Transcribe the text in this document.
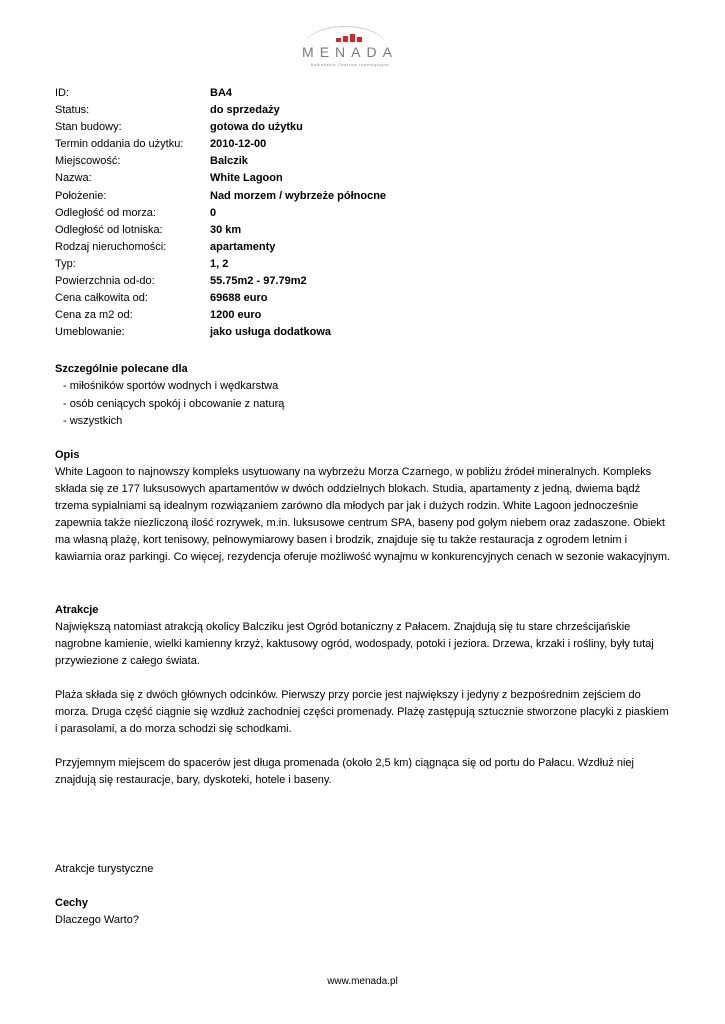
MENADA
Bałkańskie Centrum Inwestycyjne
ID:	BA4
Status:	do sprzedaży
Stan budowy:	gotowa do użytku
Termin oddania do użytku:	2010-12-00
Miejscowość:	Balczik
Nazwa:	White Lagoon
Położenie:	Nad morzem / wybrzeże północne
Odległość od morza:	0
Odległość od lotniska:	30 km
Rodzaj nieruchomości:	apartamenty
Typ:	1, 2
Powierzchnia od-do:	55.75m2 - 97.79m2
Cena całkowita od:	69688 euro
Cena za m2 od:	1200 euro
Umeblowanie:	jako usługa dodatkowa
Szczególnie polecane dla
- miłośników sportów wodnych i wędkarstwa
- osób ceniących spokój i obcowanie z naturą
- wszystkich
Opis

White Lagoon to najnowszy kompleks usytuowany na wybrzeżu Morza Czarnego, w pobliżu źródeł mineralnych. Kompleks
składa się ze 177 luksusowych apartamentów w dwóch oddzielnych blokach. Studia, apartamenty z jedną, dwiema bądź
trzema sypialniami są idealnym rozwiązaniem zarówno dla młodych par jak i dużych rodzin. White Lagoon jednocześnie
zapewnia także niezliczoną ilość rozrywek, m.in. luksusowe centrum SPA, baseny pod gołym niebem oraz zadaszone. Obiekt
ma własną plażę, kort tenisowy, pełnowymiarowy basen i brodzik, znajduje się tu także restauracja z ogrodem letnim i
kawiarnia oraz parkingi. Co więcej, rezydencja oferuje możliwość wynajmu w konkurencyjnych cenach w sezonie wakacyjnym.

Atrakcje

Największą natomiast atrakcją okolicy Balcziku jest Ogród botaniczny z Pałacem. Znajdują się tu stare chrześcijańskie
nagrobne kamienie, wielki kamienny krzyż, kaktusowy ogród, wodospady, potoki i jeziora. Drzewa, krzaki i rośliny, były tutaj
przywiezione z całego świata.

Plaża składa się z dwóch głównych odcinków. Pierwszy przy porcie jest największy i jedyny z bezpośrednim zejściem do
morza. Druga część ciągnie się wzdłuż zachodniej części promenady. Plażę zastępują sztucznie stworzone placyki z piaskiem
i parasolami, a do morza schodzi się schodkami.

Przyjemnym miejscem do spacerów jest długa promenada (około 2,5 km) ciągnąca się od portu do Pałacu. Wzdłuż niej
znajdują się restauracje, bary, dyskoteki, hotele i baseny.

Atrakcje turystyczne
Cechy
Dlaczego Warto?
www.menada.pl
